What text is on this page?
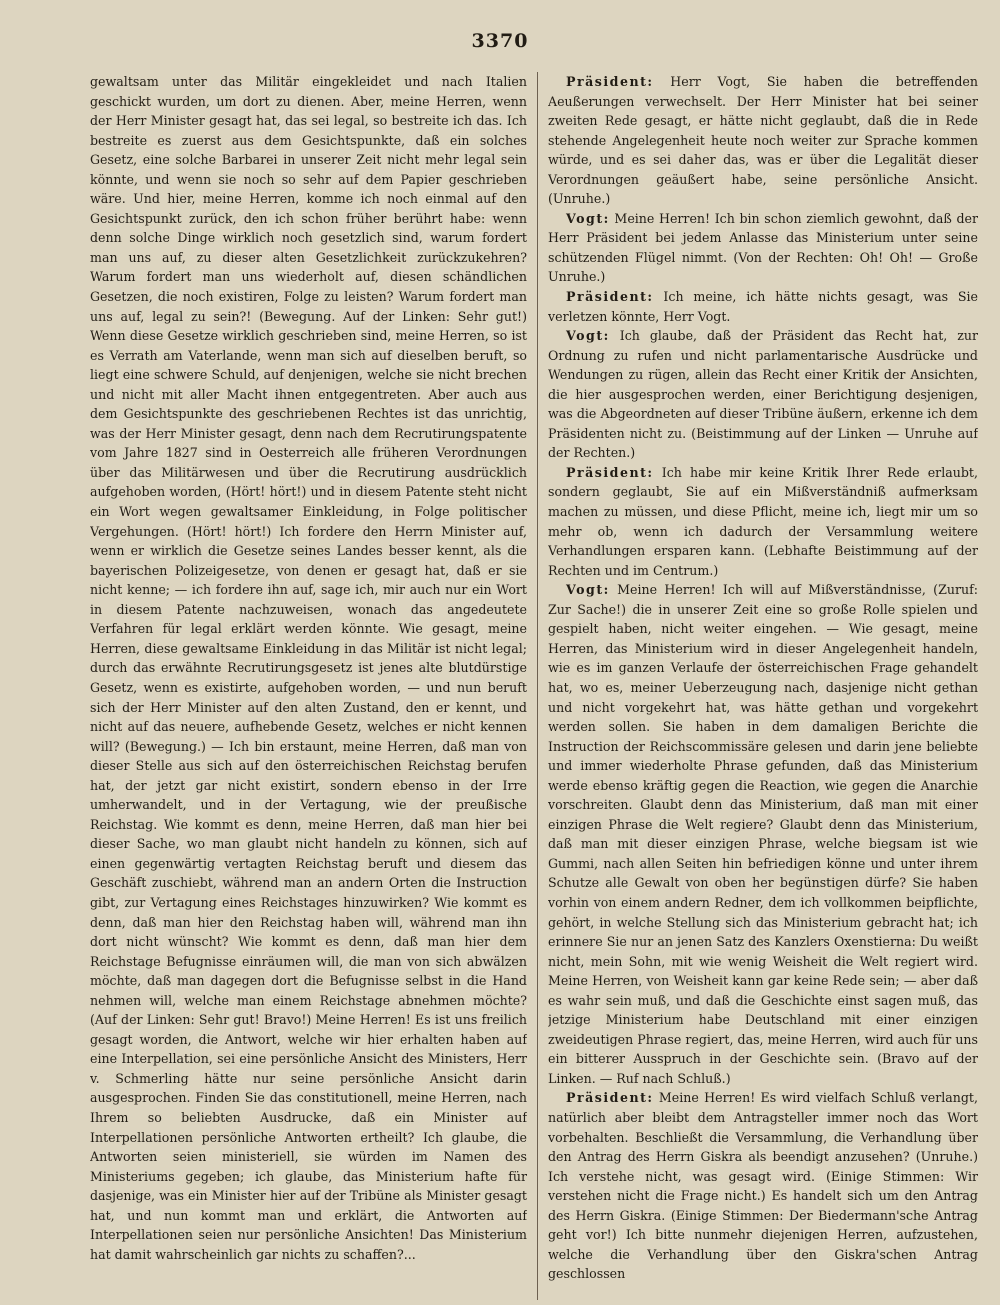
3370

gewaltsam unter das Militär eingekleidet und nach Italien geschickt wurden, um dort zu dienen. Aber, meine Herren, wenn der Herr Minister gesagt hat, das sei legal, so bestreite ich das. Ich bestreite es zuerst aus dem Gesichtspunkte, daß ein solches Gesetz, eine solche Barbarei in unserer Zeit nicht mehr legal sein könnte, und wenn sie noch so sehr auf dem Papier geschrieben wäre. Und hier, meine Herren, komme ich noch einmal auf den Gesichtspunkt zurück, den ich schon früher berührt habe: wenn denn solche Dinge wirklich noch gesetzlich sind, warum fordert man uns auf, zu dieser alten Gesetzlichkeit zurückzukehren? Warum fordert man uns wiederholt auf, diesen schändlichen Gesetzen, die noch existiren, Folge zu leisten? Warum fordert man uns auf, legal zu sein?! (Bewegung. Auf der Linken: Sehr gut!) Wenn diese Gesetze wirklich geschrieben sind, meine Herren, so ist es Verrath am Vaterlande, wenn man sich auf dieselben beruft, so liegt eine schwere Schuld, auf denjenigen, welche sie nicht brechen und nicht mit aller Macht ihnen entgegentreten. Aber auch aus dem Gesichtspunkte des geschriebenen Rechtes ist das unrichtig, was der Herr Minister gesagt, denn nach dem Recrutirungspatente vom Jahre 1827 sind in Oesterreich alle früheren Verordnungen über das Militärwesen und über die Recrutirung ausdrücklich aufgehoben worden, (Hört! hört!) und in diesem Patente steht nicht ein Wort wegen gewaltsamer Einkleidung, in Folge politischer Vergehungen. (Hört! hört!) Ich fordere den Herrn Minister auf, wenn er wirklich die Gesetze seines Landes besser kennt, als die bayerischen Polizeigesetze, von denen er gesagt hat, daß er sie nicht kenne; — ich fordere ihn auf, sage ich, mir auch nur ein Wort in diesem Patente nachzuweisen, wonach das angedeutete Verfahren für legal erklärt werden könnte. Wie gesagt, meine Herren, diese gewaltsame Einkleidung in das Militär ist nicht legal; durch das erwähnte Recrutirungsgesetz ist jenes alte blutdürstige Gesetz, wenn es existirte, aufgehoben worden, — und nun beruft sich der Herr Minister auf den alten Zustand, den er kennt, und nicht auf das neuere, aufhebende Gesetz, welches er nicht kennen will? (Bewegung.) — Ich bin erstaunt, meine Herren, daß man von dieser Stelle aus sich auf den österreichischen Reichstag berufen hat, der jetzt gar nicht existirt, sondern ebenso in der Irre umherwandelt, und in der Vertagung, wie der preußische Reichstag. Wie kommt es denn, meine Herren, daß man hier bei dieser Sache, wo man glaubt nicht handeln zu können, sich auf einen gegenwärtig vertagten Reichstag beruft und diesem das Geschäft zuschiebt, während man an andern Orten die Instruction gibt, zur Vertagung eines Reichstages hinzuwirken? Wie kommt es denn, daß man hier den Reichstag haben will, während man ihn dort nicht wünscht? Wie kommt es denn, daß man hier dem Reichstage Befugnisse einräumen will, die man von sich abwälzen möchte, daß man dagegen dort die Befugnisse selbst in die Hand nehmen will, welche man einem Reichstage abnehmen möchte? (Auf der Linken: Sehr gut! Bravo!) Meine Herren! Es ist uns freilich gesagt worden, die Antwort, welche wir hier erhalten haben auf eine Interpellation, sei eine persönliche Ansicht des Ministers, Herr v. Schmerling hätte nur seine persönliche Ansicht darin ausgesprochen. Finden Sie das constitutionell, meine Herren, nach Ihrem so beliebten Ausdrucke, daß ein Minister auf Interpellationen persönliche Antworten ertheilt? Ich glaube, die Antworten seien ministeriell, sie würden im Namen des Ministeriums gegeben; ich glaube, das Ministerium hafte für dasjenige, was ein Minister hier auf der Tribüne als Minister gesagt hat, und nun kommt man und erklärt, die Antworten auf Interpellationen seien nur persönliche Ansichten! Das Ministerium hat damit wahrscheinlich gar nichts zu schaffen?...

Präsident: Herr Vogt, Sie haben die betreffenden Aeußerungen verwechselt. Der Herr Minister hat bei seiner zweiten Rede gesagt, er hätte nicht geglaubt, daß die in Rede stehende Angelegenheit heute noch weiter zur Sprache kommen würde, und es sei daher das, was er über die Legalität dieser Verordnungen geäußert habe, seine persönliche Ansicht. (Unruhe.)

Vogt: Meine Herren! Ich bin schon ziemlich gewohnt, daß der Herr Präsident bei jedem Anlasse das Ministerium unter seine schützenden Flügel nimmt. (Von der Rechten: Oh! Oh! — Große Unruhe.)

Präsident: Ich meine, ich hätte nichts gesagt, was Sie verletzen könnte, Herr Vogt.

Vogt: Ich glaube, daß der Präsident das Recht hat, zur Ordnung zu rufen und nicht parlamentarische Ausdrücke und Wendungen zu rügen, allein das Recht einer Kritik der Ansichten, die hier ausgesprochen werden, einer Berichtigung desjenigen, was die Abgeordneten auf dieser Tribüne äußern, erkenne ich dem Präsidenten nicht zu. (Beistimmung auf der Linken — Unruhe auf der Rechten.)

Präsident: Ich habe mir keine Kritik Ihrer Rede erlaubt, sondern geglaubt, Sie auf ein Mißverständniß aufmerksam machen zu müssen, und diese Pflicht, meine ich, liegt mir um so mehr ob, wenn ich dadurch der Versammlung weitere Verhandlungen ersparen kann. (Lebhafte Beistimmung auf der Rechten und im Centrum.)

Vogt: Meine Herren! Ich will auf Mißverständnisse, (Zuruf: Zur Sache!) die in unserer Zeit eine so große Rolle spielen und gespielt haben, nicht weiter eingehen. — Wie gesagt, meine Herren, das Ministerium wird in dieser Angelegenheit handeln, wie es im ganzen Verlaufe der österreichischen Frage gehandelt hat, wo es, meiner Ueberzeugung nach, dasjenige nicht gethan und nicht vorgekehrt hat, was hätte gethan und vorgekehrt werden sollen. Sie haben in dem damaligen Berichte die Instruction der Reichscommissäre gelesen und darin jene beliebte und immer wiederholte Phrase gefunden, daß das Ministerium werde ebenso kräftig gegen die Reaction, wie gegen die Anarchie vorschreiten. Glaubt denn das Ministerium, daß man mit einer einzigen Phrase die Welt regiere? Glaubt denn das Ministerium, daß man mit dieser einzigen Phrase, welche biegsam ist wie Gummi, nach allen Seiten hin befriedigen könne und unter ihrem Schutze alle Gewalt von oben her begünstigen dürfe? Sie haben vorhin von einem andern Redner, dem ich vollkommen beipflichte, gehört, in welche Stellung sich das Ministerium gebracht hat; ich erinnere Sie nur an jenen Satz des Kanzlers Oxenstierna: Du weißt nicht, mein Sohn, mit wie wenig Weisheit die Welt regiert wird. Meine Herren, von Weisheit kann gar keine Rede sein; — aber daß es wahr sein muß, und daß die Geschichte einst sagen muß, das jetzige Ministerium habe Deutschland mit einer einzigen zweideutigen Phrase regiert, das, meine Herren, wird auch für uns ein bitterer Ausspruch in der Geschichte sein. (Bravo auf der Linken. — Ruf nach Schluß.)

Präsident: Meine Herren! Es wird vielfach Schluß verlangt, natürlich aber bleibt dem Antragsteller immer noch das Wort vorbehalten. Beschließt die Versammlung, die Verhandlung über den Antrag des Herrn Giskra als beendigt anzusehen? (Unruhe.) Ich verstehe nicht, was gesagt wird. (Einige Stimmen: Wir verstehen nicht die Frage nicht.) Es handelt sich um den Antrag des Herrn Giskra. (Einige Stimmen: Der Biedermann'sche Antrag geht vor!) Ich bitte nunmehr diejenigen Herren, aufzustehen, welche die Verhandlung über den Giskra'schen Antrag geschlossen
